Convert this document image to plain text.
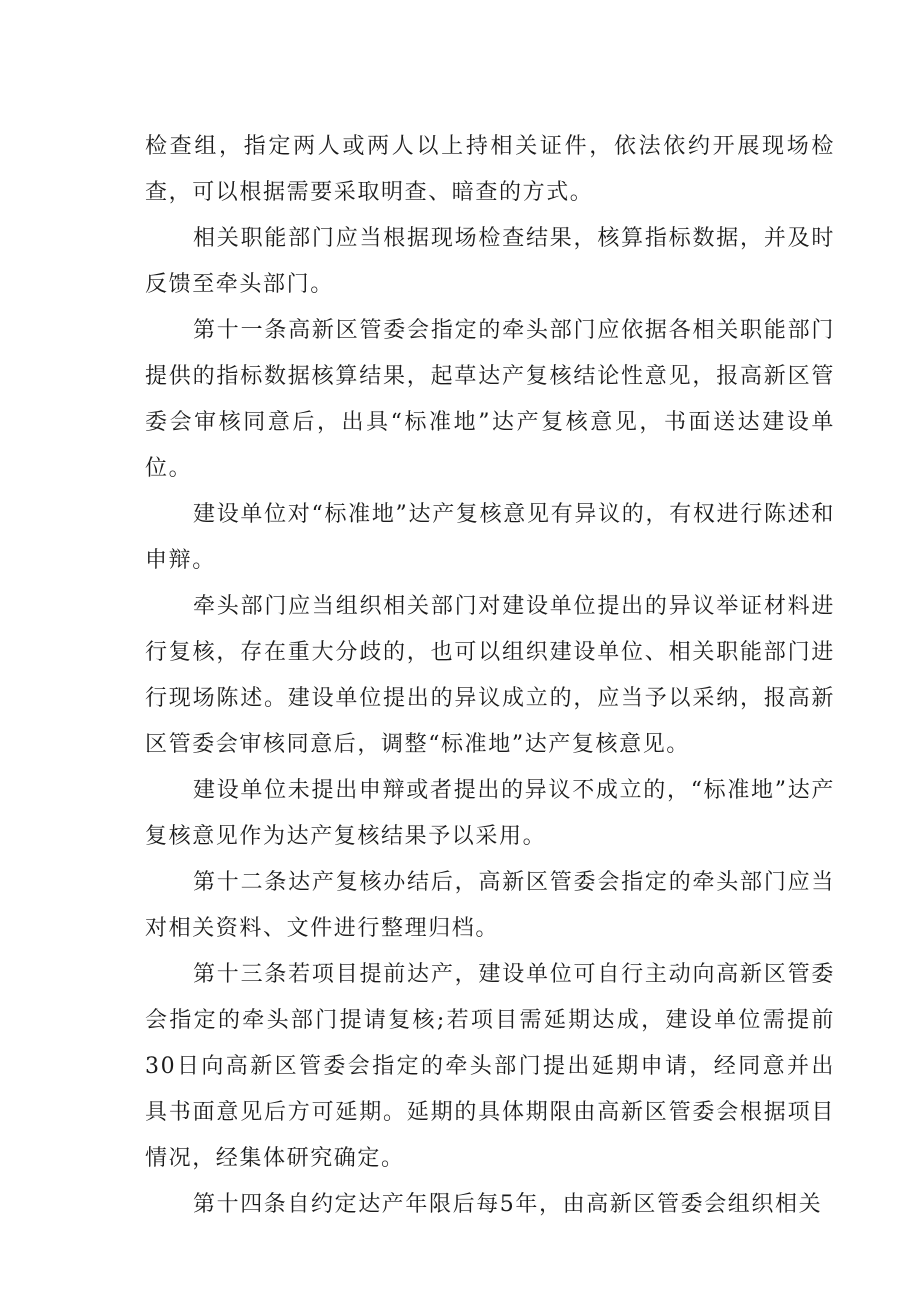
检查组，指定两人或两人以上持相关证件，依法依约开展现场检查，可以根据需要采取明查、暗查的方式。

相关职能部门应当根据现场检查结果，核算指标数据，并及时反馈至牵头部门。

第十一条高新区管委会指定的牵头部门应依据各相关职能部门提供的指标数据核算结果，起草达产复核结论性意见，报高新区管委会审核同意后，出具“标准地”达产复核意见，书面送达建设单位。

建设单位对“标准地”达产复核意见有异议的，有权进行陈述和申辩。

牵头部门应当组织相关部门对建设单位提出的异议举证材料进行复核，存在重大分歧的，也可以组织建设单位、相关职能部门进行现场陈述。建设单位提出的异议成立的，应当予以采纳，报高新区管委会审核同意后，调整“标准地”达产复核意见。

建设单位未提出申辩或者提出的异议不成立的，“标准地”达产复核意见作为达产复核结果予以采用。

第十二条达产复核办结后，高新区管委会指定的牵头部门应当对相关资料、文件进行整理归档。

第十三条若项目提前达产，建设单位可自行主动向高新区管委会指定的牵头部门提请复核;若项目需延期达成，建设单位需提前30日向高新区管委会指定的牵头部门提出延期申请，经同意并出具书面意见后方可延期。延期的具体期限由高新区管委会根据项目情况，经集体研究确定。

第十四条自约定达产年限后每5年，由高新区管委会组织相关
